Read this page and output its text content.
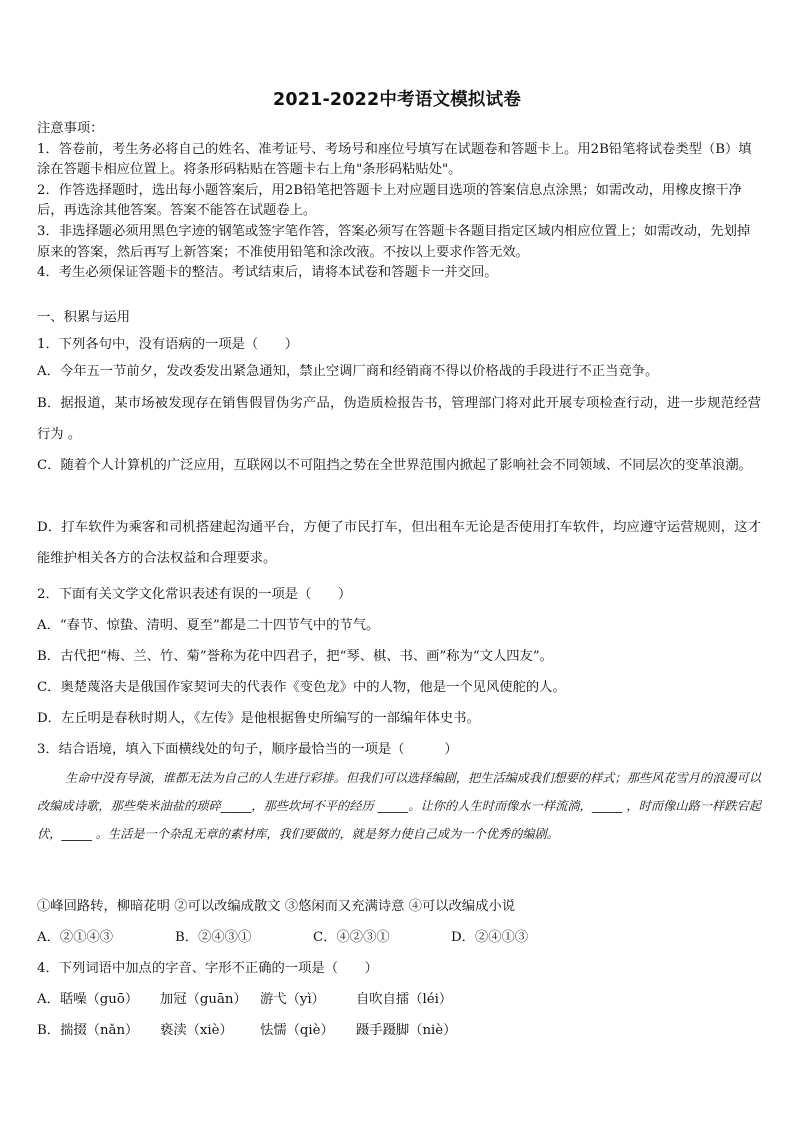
2021-2022中考语文模拟试卷

注意事项：

1．答卷前，考生务必将自己的姓名、准考证号、考场号和座位号填写在试题卷和答题卡上。用2B铅笔将试卷类型（B）填涂在答题卡相应位置上。将条形码粘贴在答题卡右上角"条形码粘贴处"。

2．作答选择题时，选出每小题答案后，用2B铅笔把答题卡上对应题目选项的答案信息点涂黑；如需改动，用橡皮擦干净后，再选涂其他答案。答案不能答在试题卷上。

3．非选择题必须用黑色字迹的钢笔或签字笔作答，答案必须写在答题卡各题目指定区域内相应位置上；如需改动，先划掉原来的答案，然后再写上新答案；不准使用铅笔和涂改液。不按以上要求作答无效。

4．考生必须保证答题卡的整洁。考试结束后，请将本试卷和答题卡一并交回。

一、积累与运用
1．下列各句中，没有语病的一项是（　　）
A．今年五一节前夕，发改委发出紧急通知，禁止空调厂商和经销商不得以价格战的手段进行不正当竞争。
B．据报道，某市场被发现存在销售假冒伪劣产品，伪造质检报告书，管理部门将对此开展专项检查行动，进一步规范经营行为 。
C．随着个人计算机的广泛应用，互联网以不可阻挡之势在全世界范围内掀起了影响社会不同领域、不同层次的变革浪潮。
D．打车软件为乘客和司机搭建起沟通平台，方便了市民打车，但出租车无论是否使用打车软件，均应遵守运营规则，这才能维护相关各方的合法权益和合理要求。
2．下面有关文学文化常识表述有误的一项是（　　）
A．“春节、惊蛰、清明、夏至”都是二十四节气中的节气。
B．古代把“梅、兰、竹、菊”誉称为花中四君子，把“琴、棋、书、画”称为“文人四友”。
C．奥楚蔑洛夫是俄国作家契诃夫的代表作《变色龙》中的人物，他是一个见风使舵的人。
D．左丘明是春秋时期人，《左传》是他根据鲁史所编写的一部编年体史书。
3．结合语境，填入下面横线处的句子，顺序最恰当的一项是（　　　）
生命中没有导演，谁都无法为自己的人生进行彩排。但我们可以选择编剧，把生活编成我们想要的样式；那些风花雪月的浪漫可以改编成诗歌，那些柴米油盐的琐碎_____，那些坎坷不平的经历 _____。让你的人生时而像水一样流淌，_____ ，时而像山路一样跌宕起伏，_____ 。生活是一个杂乱无章的素材库，我们要做的，就是努力使自己成为一个优秀的编剧。
①峰回路转，柳暗花明 ②可以改编成散文 ③悠闲而又充满诗意 ④可以改编成小说
A．②①④③	B．②④③①	C．④②③①	D．②④①③
4．下列词语中加点的字音、字形不正确的一项是（　　）
A．聒噪（guō） 加冠（guān） 游弋（yì） 自吹自擂（léi）
B．揣掇（nǎn） 亵渎（xiè） 怯懦（qiè） 蹑手蹑脚（niè）
